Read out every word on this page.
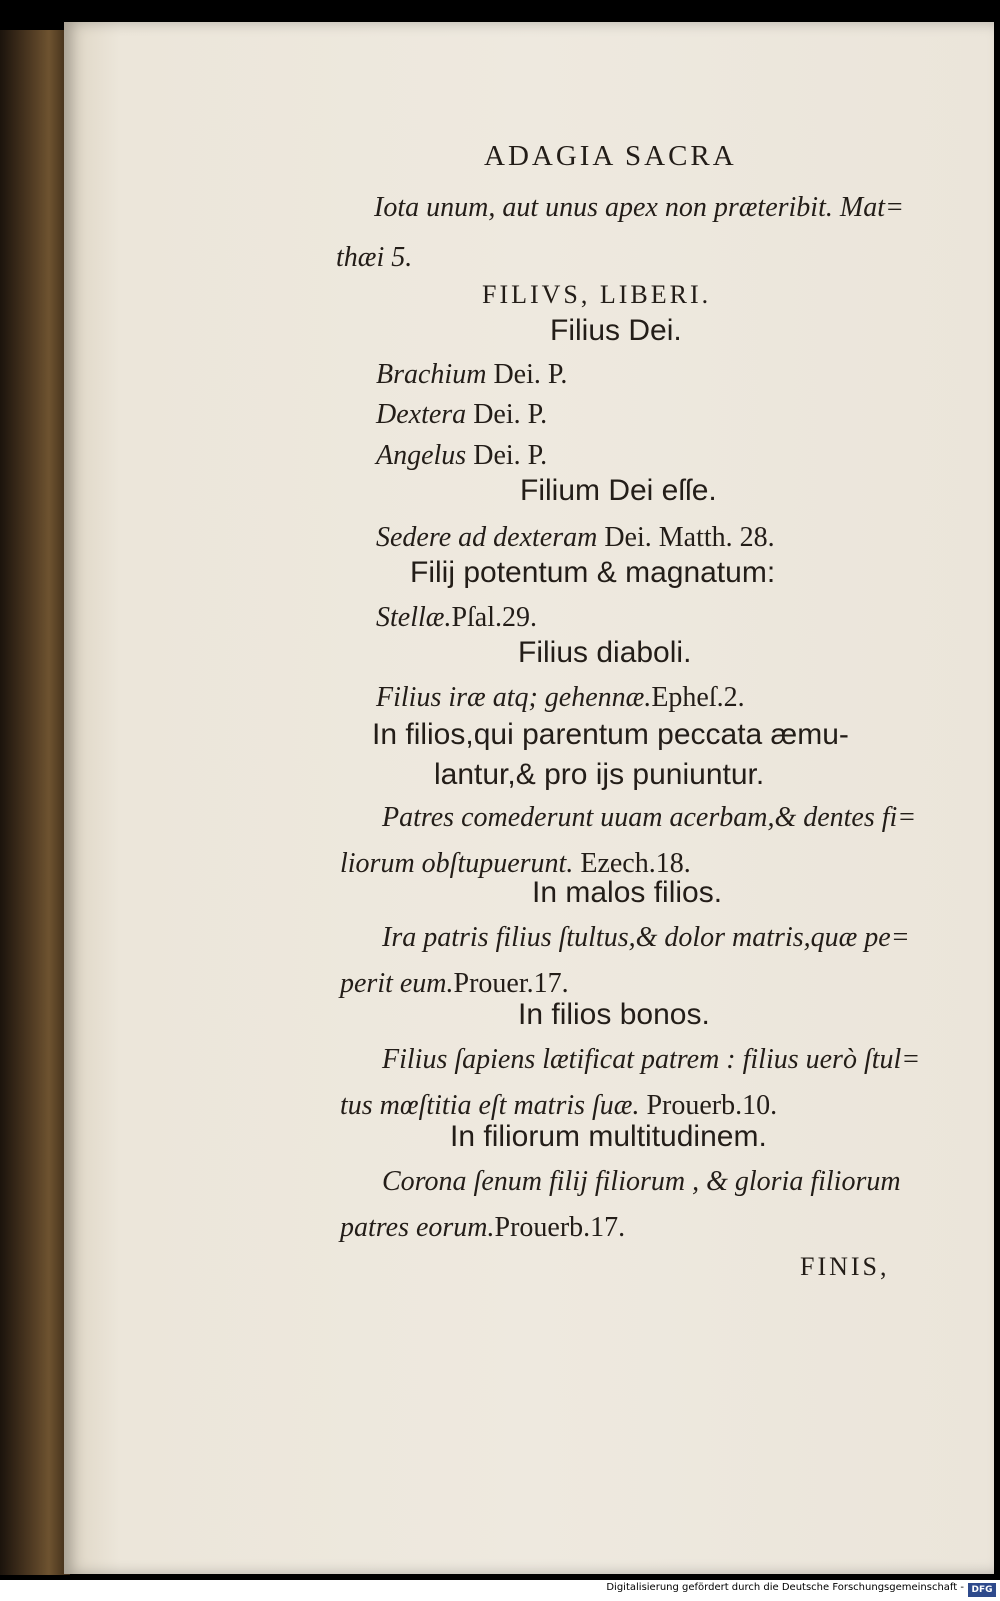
ADAGIA SACRA
Iota unum, aut unus apex non præteribit. Mat=
thæi 5.
FILIVS, LIBERI.
Filius Dei.
Brachium Dei. P.
Dextera Dei. P.
Angelus Dei. P.
Filium Dei eſſe.
Sedere ad dexteram Dei. Matth. 28.
Filij potentum & magnatum:
Stellæ.Pſal.29.
Filius diaboli.
Filius iræ atq; gehennæ.Epheſ.2.
In filios,qui parentum peccata æmu-
lantur,& pro ijs puniuntur.
Patres comederunt uuam acerbam,& dentes fi=
liorum obſtupuerunt. Ezech.18.
In malos filios.
Ira patris filius ſtultus,& dolor matris,quæ pe=
perit eum.Prouer.17.
In filios bonos.
Filius ſapiens lætificat patrem : filius uerò ſtul=
tus mœſtitia eſt matris ſuæ. Prouerb.10.
In filiorum multitudinem.
Corona ſenum filij filiorum , & gloria filiorum
patres eorum.Prouerb.17.
FINIS,
Digitalisierung gefördert durch die Deutsche Forschungsgemeinschaft - DFG
